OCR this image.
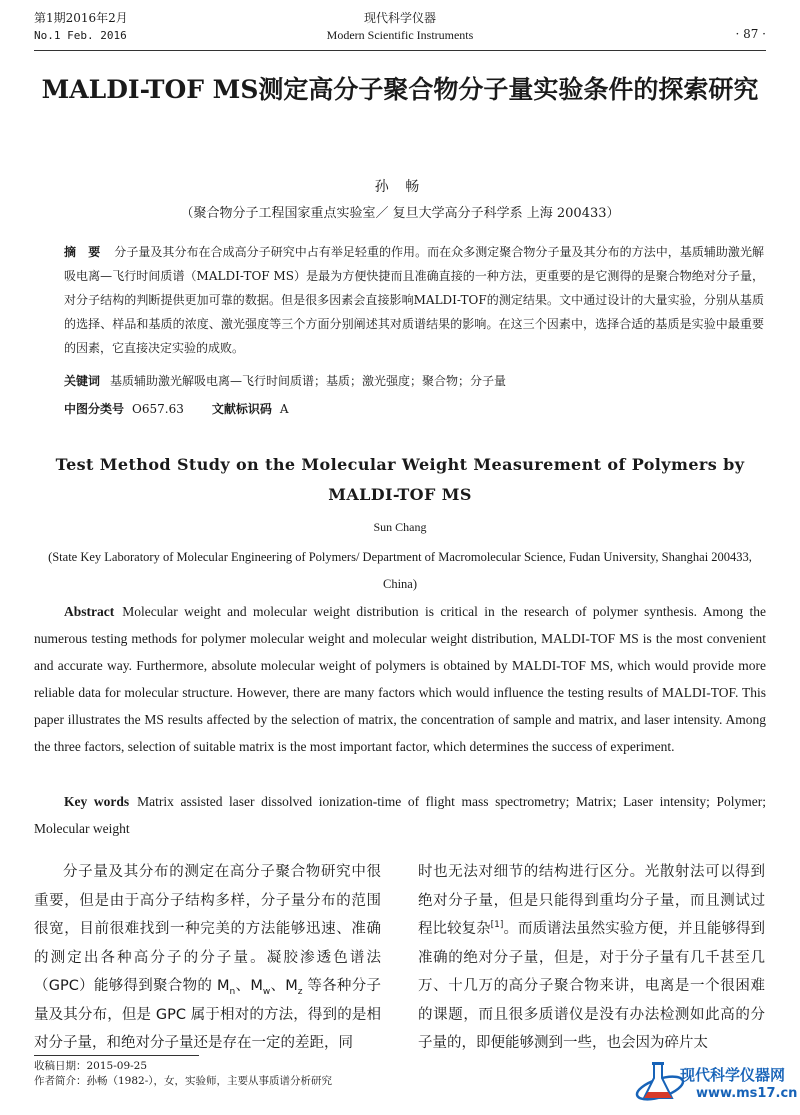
第1期2016年2月
No.1 Feb. 2016
现代科学仪器
Modern Scientific Instruments	· 87 ·
MALDI-TOF MS测定高分子聚合物分子量实验条件的探索研究
孙 畅
（聚合物分子工程国家重点实验室／ 复旦大学高分子科学系 上海 200433）
摘 要 分子量及其分布在合成高分子研究中占有举足轻重的作用。而在众多测定聚合物分子量及其分布的方法中，基质辅助激光解吸电离—飞行时间质谱（MALDI-TOF MS）是最为方便快捷而且准确直接的一种方法，更重要的是它测得的是聚合物绝对分子量，对分子结构的判断提供更加可靠的数据。但是很多因素会直接影响MALDI-TOF的测定结果。文中通过设计的大量实验，分别从基质的选择、样品和基质的浓度、激光强度等三个方面分别阐述其对质谱结果的影响。在这三个因素中，选择合适的基质是实验中最重要的因素，它直接决定实验的成败。
关键词 基质辅助激光解吸电离—飞行时间质谱；基质；激光强度；聚合物；分子量
中图分类号 O657.63 文献标识码 A
Test Method Study on the Molecular Weight Measurement of Polymers by MALDI-TOF MS
Sun Chang
(State Key Laboratory of Molecular Engineering of Polymers/ Department of Macromolecular Science, Fudan University, Shanghai 200433, China)
Abstract Molecular weight and molecular weight distribution is critical in the research of polymer synthesis. Among the numerous testing methods for polymer molecular weight and molecular weight distribution, MALDI-TOF MS is the most convenient and accurate way. Furthermore, absolute molecular weight of polymers is obtained by MALDI-TOF MS, which would provide more reliable data for molecular structure. However, there are many factors which would influence the testing results of MALDI-TOF. This paper illustrates the MS results affected by the selection of matrix, the concentration of sample and matrix, and laser intensity. Among the three factors, selection of suitable matrix is the most important factor, which determines the success of experiment.
Key words Matrix assisted laser dissolved ionization-time of flight mass spectrometry; Matrix; Laser intensity; Polymer; Molecular weight
分子量及其分布的测定在高分子聚合物研究中很重要，但是由于高分子结构多样，分子量分布的范围很宽，目前很难找到一种完美的方法能够迅速、准确的测定出各种高分子的分子量。凝胶渗透色谱法（GPC）能够得到聚合物的 $M_n$、$M_w$、$M_z$ 等各种分子量及其分布，但是 GPC 属于相对的方法，得到的是相对分子量，和绝对分子量还是存在一定的差距，同
时也无法对细节的结构进行区分。光散射法可以得到绝对分子量，但是只能得到重均分子量，而且测试过程比较复杂[1]。而质谱法虽然实验方便，并且能够得到准确的绝对分子量，但是，对于分子量有几千甚至几万、十几万的高分子聚合物来讲，电离是一个很困难的课题，而且很多质谱仪是没有办法检测如此高的分子量的，即便能够测到一些，也会因为碎片太
收稿日期：2015-09-25
作者简介：孙畅（1982-），女，实验师，主要从事质谱分析研究	现代科学仪器网
www.ms17.cn
